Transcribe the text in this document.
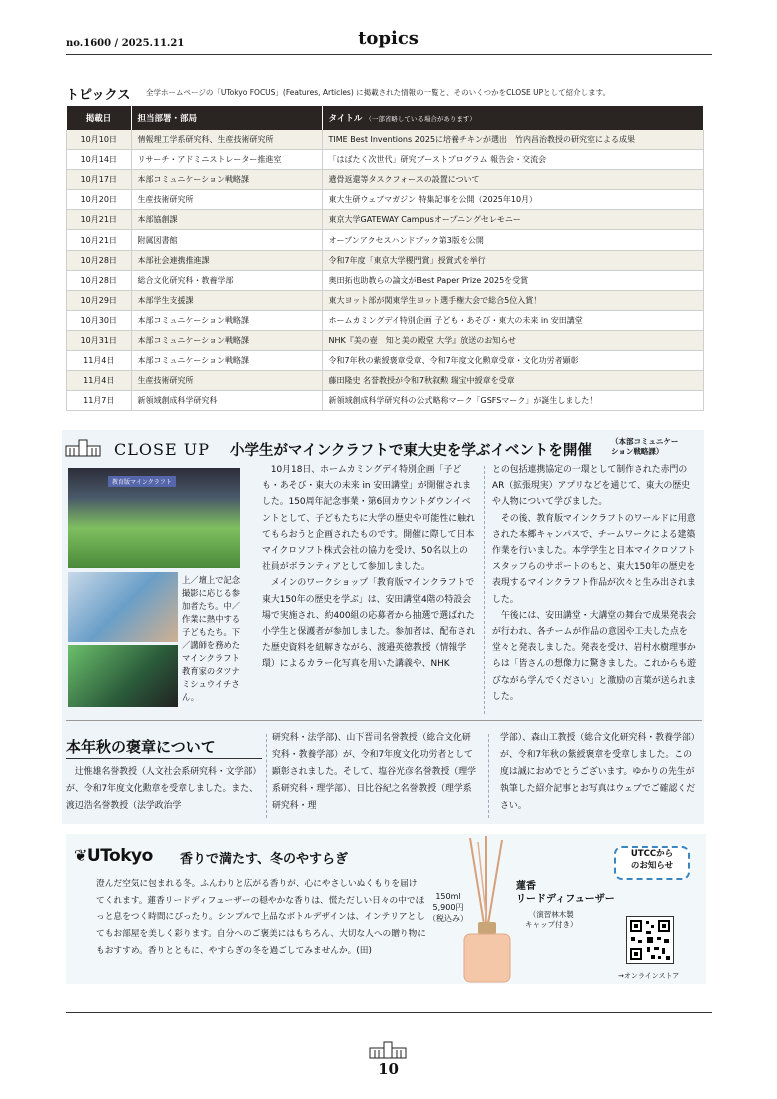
no.1600 / 2025.11.21	topics
トピックス 全学ホームページの「UTokyo FOCUS」(Features, Articles) に掲載された情報の一覧と、そのいくつかをCLOSE UPとして紹介します。
掲載日	担当部署・部局	タイトル （一部省略している場合があります）
10月10日	情報理工学系研究科、生産技術研究所	TIME Best Inventions 2025に培養チキンが選出　竹内昌治教授の研究室による成果
10月14日	リサーチ・アドミニストレーター推進室	「はばたく次世代」研究ブーストプログラム 報告会・交流会
10月17日	本部コミュニケーション戦略課	遺骨返還等タスクフォースの設置について
10月20日	生産技術研究所	東大生研ウェブマガジン 特集記事を公開（2025年10月）
10月21日	本部協創課	東京大学GATEWAY Campusオープニングセレモニー
10月21日	附属図書館	オープンアクセスハンドブック第3版を公開
10月28日	本部社会連携推進課	令和7年度「東京大学稷門賞」授賞式を挙行
10月28日	総合文化研究科・教養学部	奥田拓也助教らの論文がBest Paper Prize 2025を受賞
10月29日	本部学生支援課	東大ヨット部が関東学生ヨット選手権大会で総合5位入賞！
10月30日	本部コミュニケーション戦略課	ホームカミングデイ特別企画 子ども・あそび・東大の未来 in 安田講堂
10月31日	本部コミュニケーション戦略課	NHK『美の壺　知と美の殿堂 大学』放送のお知らせ
11月4日	本部コミュニケーション戦略課	令和7年秋の紫綬褒章受章、令和7年度文化勲章受章・文化功労者顕彰
11月4日	生産技術研究所	藤田隆史 名誉教授が令和7秋叙勲 瑞宝中綬章を受章
11月7日	新領域創成科学研究科	新領域創成科学研究科の公式略称マーク「GSFSマーク」が誕生しました！
CLOSE UP 小学生がマインクラフトで東大史を学ぶイベントを開催
（本部コミュニケー
ション戦略課）
教育版マインクラフト
上／壇上で記念撮影に応じる参加者たち。中／作業に熱中する子どもたち。下／講師を務めたマインクラフト教育家のタツナミシュウイチさん。
　10月18日、ホームカミングデイ特別企画「子ども・あそび・東大の未来 in 安田講堂」が開催されました。150周年記念事業・第6回カウントダウンイベントとして、子どもたちに大学の歴史や可能性に触れてもらおうと企画されたものです。開催に際して日本マイクロソフト株式会社の協力を受け、50名以上の社員がボランティアとして参加しました。
　メインのワークショップ「教育版マインクラフトで東大150年の歴史を学ぶ」は、安田講堂4階の特設会場で実施され、約400組の応募者から抽選で選ばれた小学生と保護者が参加しました。参加者は、配布された歴史資料を紐解きながら、渡邉英徳教授（情報学環）によるカラー化写真を用いた講義や、NHK
との包括連携協定の一環として制作された赤門のAR（拡張現実）アプリなどを通じて、東大の歴史や人物について学びました。
　その後、教育版マインクラフトのワールドに用意された本郷キャンパスで、チームワークによる建築作業を行いました。本学学生と日本マイクロソフトスタッフらのサポートのもと、東大150年の歴史を表現するマインクラフト作品が次々と生み出されました。
　午後には、安田講堂・大講堂の舞台で成果発表会が行われ、各チームが作品の意図や工夫した点を堂々と発表しました。発表を受け、岩村水樹理事からは「皆さんの想像力に驚きました。これからも遊びながら学んでください」と激励の言葉が送られました。
本年秋の褒章について
　辻惟雄名誉教授（人文社会系研究科・文学部）が、令和7年度文化勲章を受章しました。また、渡辺浩名誉教授（法学政治学
研究科・法学部)、山下晋司名誉教授（総合文化研究科・教養学部）が、令和7年度文化功労者として顕彰されました。そして、塩谷光彦名誉教授（理学系研究科・理学部）、日比谷紀之名誉教授（理学系研究科・理
学部）、森山工教授（総合文化研究科・教養学部）が、令和7年秋の紫綬褒章を受章しました。この度は誠におめでとうございます。ゆかりの先生が執筆した紹介記事とお写真はウェブでご確認ください。
❦UTokyo 香りで満たす、冬のやすらぎ
澄んだ空気に包まれる冬。ふんわりと広がる香りが、心にやさしいぬくもりを届けてくれます。蓮香リードディフューザーの穏やかな香りは、慌ただしい日々の中でほっと息をつく時間にぴったり。シンプルで上品なボトルデザインは、インテリアとしてもお部屋を美しく彩ります。自分へのご褒美にはもちろん、大切な人への贈り物にもおすすめ。香りとともに、やすらぎの冬を過ごしてみませんか。(田)
UTCCから
のお知らせ
150ml
5,900円
（税込み）
蓮香
リードディフューザー
（演習林木製
キャップ付き）
→オンラインストア
10
